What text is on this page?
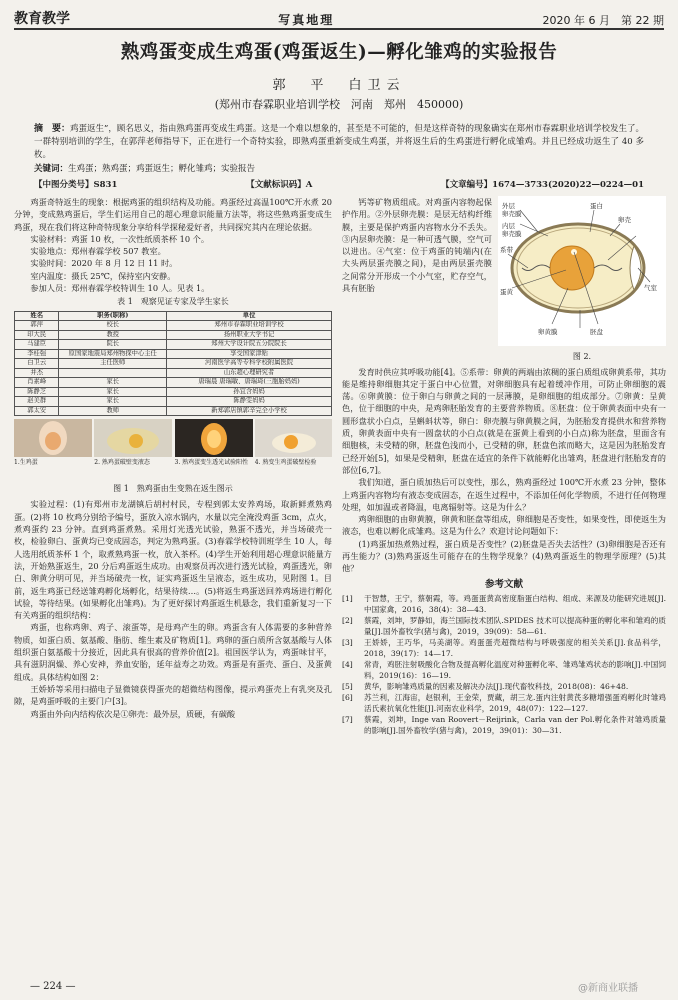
教育教学	写真地理	2020 年 6 月　第 22 期
熟鸡蛋变成生鸡蛋(鸡蛋返生)—孵化雏鸡的实验报告
郭　平　白卫云
(郑州市春霖职业培训学校　河南　郑州　450000)
摘　要：鸡蛋返生”，顾名思义，指由熟鸡蛋再变成生鸡蛋。这是一个难以想象的，甚至是不可能的，但是这样奇特的现象确实在郑州市春霖职业培训学校发生了。一群特别培训的学生，在郭萍老师指导下，正在进行一个奇特实验，即熟鸡蛋重新变成生鸡蛋，并将返生后的生鸡蛋进行孵化成雏鸡。并且已经成功返生了 40 多枚。
关键词：生鸡蛋；熟鸡蛋；鸡蛋返生；孵化雏鸡；实验报告
【中图分类号】S831	【文献标识码】A	【文章编号】1674—3733(2020)22—0224—01

鸡蛋奇特返生的现象：根据鸡蛋的组织结构及功能。鸡蛋经过高温100℃开水煮 20 分钟，变成熟鸡蛋后，学生们运用自己的超心理意识能量方法等，将这些熟鸡蛋变成生鸡蛋，现在我们将这种奇特现象分享给科学探秘爱好者，共同探究其内在理论依据。

实验材料：鸡蛋 10 枚，一次性纸质茶杯 10 个。

实验地点：郑州春霖学校 507 教室。

实验时间：2020 年 8 月 12 日 11 时。

室内温度：摄氏 25℃，保持室内安静。

参加人员：郑州春霖学校特训生 10 人。见表 1。

表 1　观察见证专家及学生家长
姓名	职务(职称)	单位
郭萍	校长	郑州市春霖职业培训学校
印大民	教授	扬州职业大学书记
马建臣	院长	郑州大学设计院五分院院长
李桂强	原国家地震局郑州物探中心主任	享受国家津贴
白卫云	主任医师	河南医学高等专科学校附属医院
井杰		山东超心理研究者
肖素峰	家长	唐瑞晨 唐瑞敏、唐瑞琦(三胞胎妈妈)
陈静芝	家长	孙宜含妈妈
赵美群	家长	陈静雯妈妈
郭太安	教师	新郑郭店镇郭辛完全小学校
1.生鸡蛋	2. 熟鸡蛋破壁变液态	3. 熟鸡蛋变生透光试验阳性 4. 熟变生鸡蛋破壁检验
图 1　熟鸡蛋由生变熟在返生图示

实验过程：(1)有郑州市龙湖镇后胡村村民，专程到郭太安养鸡场，取新鲜煮熟鸡蛋。(2)将 10 枚鸡分别给予编号，蛋放入凉水锅内，水量以完全淹没鸡蛋 3cm，点火，煮鸡蛋约 23 分钟。直到鸡蛋煮熟。采用灯光透光试验，熟蛋不透光，并当场破壳一枚，检验卵白、蛋黄均已变成固态，判定为熟鸡蛋。(3)春霖学校特训班学生 10 人，每人选用纸质茶杯 1 个，取煮熟鸡蛋一枚，放入茶杯。(4)学生开始利用超心理意识能量方法，开始熟蛋返生，20 分后鸡蛋返生成功。由观察员再次进行透光试验，鸡蛋透光，卵白、卵黄分明可见，并当场破壳一枚，证实鸡蛋返生呈液态，返生成功，见附图 1。目前，返生鸡蛋已经送雏鸡孵化场孵化，结果待续…。(5)将返生鸡蛋送回养鸡场进行孵化试验，等待结果。(如果孵化出雏鸡)。为了更好探讨鸡蛋返生机悬念，我们重新复习一下有关鸡蛋的组织结构：

鸡蛋，也称鸡卵、鸡子、滚蛋等，是母鸡产生的卵。鸡蛋含有人体需要的多种营养物质，如蛋白质、氨基酸、脂肪、维生素及矿物质[1]。鸡卵的蛋白质所含氨基酸与人体组织蛋白氨基酸十分接近，因此具有很高的营养价值[2]。祖国医学认为，鸡蛋味甘平，具有滋阴润燥、养心安神，养血安胎，延年益寿之功效。鸡蛋是有蛋壳、蛋白、及蛋黄组成。具体结构如图 2：

王娇娇等采用扫描电子显微镜获得蛋壳的超微结构图像，提示鸡蛋壳上有乳突及孔隙，是鸡蛋呼吸的主要门户[3]。

鸡蛋由外向内结构依次是①卵壳：最外层，质硬，有碳酸

钙等矿物质组成。对鸡蛋内容物起保护作用。②外层卵壳膜：是层无结构纤维膜，主要是保护鸡蛋内容物水分不丢失。③内层卵壳膜：是一种可透气膜，空气可以进出。④气室：位于鸡蛋的钝端内(在大头两层蛋壳膜之间)，是由两层蛋壳膜之间常分开形成一个小气室，贮存空气，具有胚胎

外层
卵壳膜
内层
卵壳膜
系带
蛋黄
蛋白
卵壳
气室
胚盘
卵黄膜
图 2.

发育时供应其呼吸功能[4]。⑤系带：卵黄的两端由浓稠的蛋白质组成卵黄系带，其功能是维持卵细胞其定于蛋白中心位置，对卵细胞具有起着缓冲作用，可防止卵细胞的震荡。⑥卵黄膜：位于卵白与卵黄之间的一层薄膜，是卵细胞的组成部分。⑦卵黄：呈黄色，位于细胞的中央，是鸡卵胚胎发育的主要营养物质。⑧胚盘：位于卵黄表面中央有一圆形盘状小白点，呈蝌蚪状等，卵白：卵壳膜与卵黄膜之间，为胚胎发育提供水和营养物质，卵黄表面中央有一圆盘状的小白点(就是在蛋黄上看到的小白点)称为胚盘，里面含有细胞核，未受精的卵，胚盘色浅而小，已受精的卵，胚盘色浓而略大，这是因为胚胎发育已经开始[5]，如果是受精卵，胚盘在适宜的条件下就能孵化出雏鸡，胚盘进行胚胎发育的部位[6,7]。

我们知道，蛋白质加热后可以变性，那么，熟鸡蛋经过 100℃开水煮 23 分钟，整体上鸡蛋内容物均有液态变成固态，在返生过程中，不添加任何化学物质，不进行任何物理处理，如加温或者降温，电离辐射等。这是为什么？

鸡卵细胞的由卵黄膜，卵黄和胚盘等组成，卵细胞是否变性，如果变性，即使返生为液态，也难以孵化成雏鸡。这是为什么？欢迎讨论问题如下：

(1)鸡蛋加热煮熟过程，蛋白质是否变性？(2)胚盘是否失去活性？(3)卵细胞是否还有再生能力？(3)熟鸡蛋返生可能存在的生物学现象？(4)熟鸡蛋返生的物理学原理？(5)其他？

参考文献
[1]	于智慧，王宁，蔡朝霞，等。鸡蛋蛋黄高密度脂蛋白结构、组成、来源及功能研究进展[J].中国家禽，2016，38(4)：38—43.
[2]	蔡霞，刘坤，罗静如，海兰国际技术团队.SPIDES 技术可以提高种蛋的孵化率和雏鸡的质量[J].国外畜牧学(猪与禽)，2019，39(09)：58—61.
[3]	王娇娇，王巧华，马美湖等。鸡蛋蛋壳超微结构与呼吸强度的相关关系[J].食品科学，2018，39(17)：14—17.
[4]	常青，鸡胚注射吸酸化合物及提高孵化温度对种蛋孵化率、雏鸡雏鸡状态的影响[J].中国饲料，2019(16)：16—19.
[5]	黄华，影响雏鸡质量的因素及解决办法[J].现代畜牧科技，2018(08)：46+48.
[6]	苏兰利，江海宙，赵银利，王金荣，贾藏，胡三龙.蛋内注射黄芪多糖增强蛋鸡孵化时雏鸡活氏素抗氧化性能[J].河南农业科学，2019，48(07)：122—127.
[7]	蔡霞，刘坤，Inge van Roovert－Reijrink，Carla van der Pol.孵化条件对雏鸡质量的影响[J].国外畜牧学(猪与禽)，2019，39(01)：30—31.
— 224 —	@新商业联播
